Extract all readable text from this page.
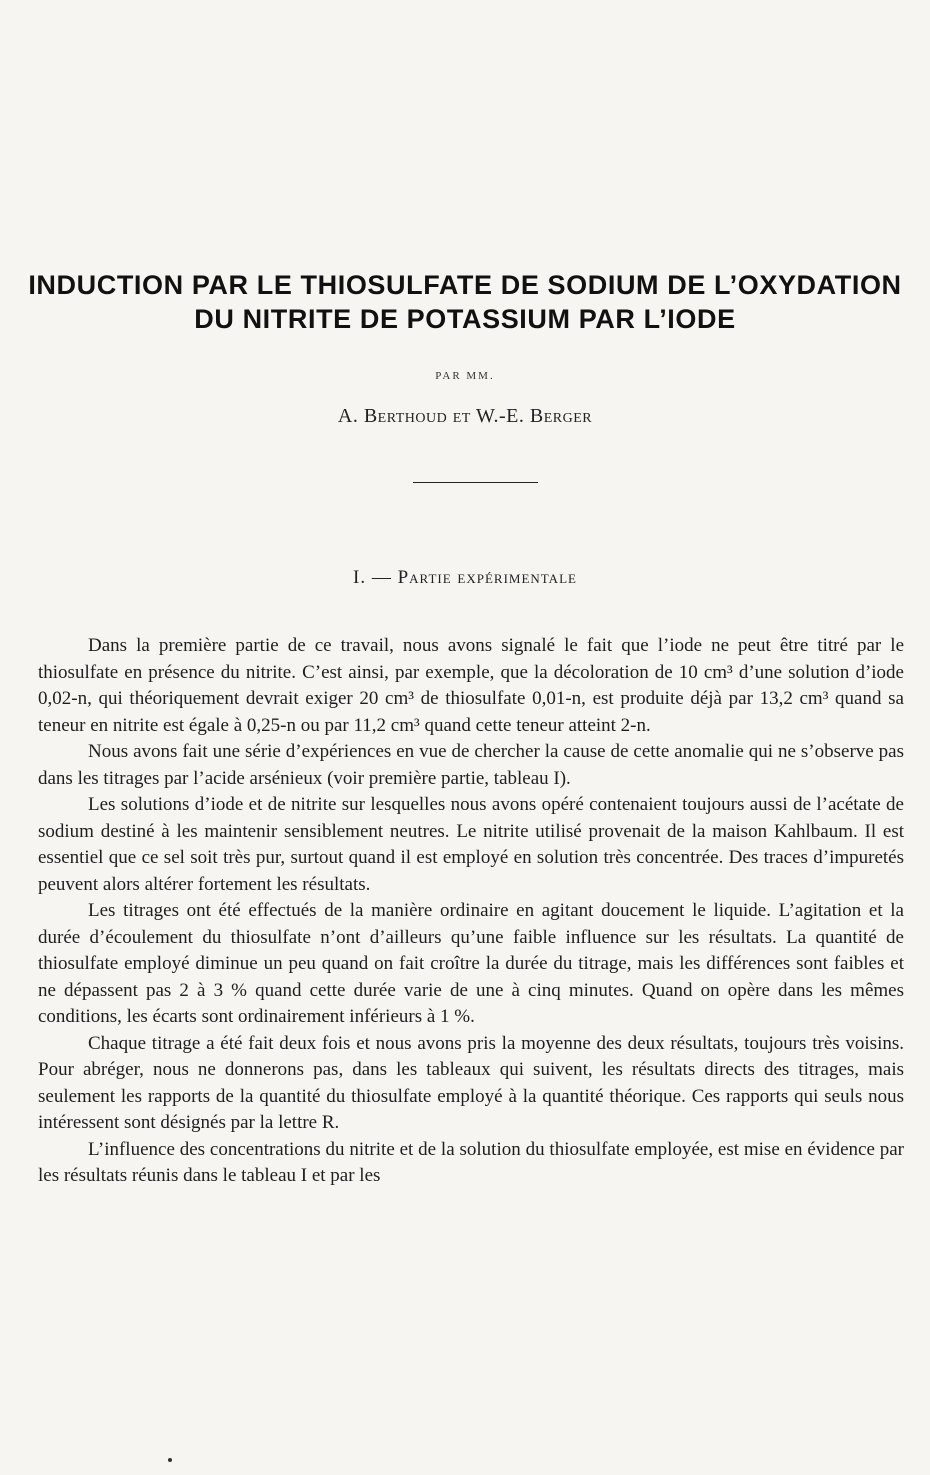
INDUCTION PAR LE THIOSULFATE DE SODIUM DE L’OXYDATION
DU NITRITE DE POTASSIUM PAR L’IODE
PAR MM.
A. Berthoud et W.-E. Berger
I. — Partie expérimentale

Dans la première partie de ce travail, nous avons signalé le fait que l’iode ne peut être titré par le thiosulfate en présence du nitrite. C’est ainsi, par exemple, que la décoloration de 10 cm³ d’une solution d’iode 0,02-n, qui théoriquement devrait exiger 20 cm³ de thiosulfate 0,01-n, est produite déjà par 13,2 cm³ quand sa teneur en nitrite est égale à 0,25-n ou par 11,2 cm³ quand cette teneur atteint 2-n.

Nous avons fait une série d’expériences en vue de chercher la cause de cette anomalie qui ne s’observe pas dans les titrages par l’acide arsénieux (voir première partie, tableau I).

Les solutions d’iode et de nitrite sur lesquelles nous avons opéré contenaient toujours aussi de l’acétate de sodium destiné à les maintenir sensiblement neutres. Le nitrite utilisé provenait de la maison Kahlbaum. Il est essentiel que ce sel soit très pur, surtout quand il est employé en solution très concentrée. Des traces d’impuretés peuvent alors altérer fortement les résultats.

Les titrages ont été effectués de la manière ordinaire en agitant doucement le liquide. L’agitation et la durée d’écoulement du thiosulfate n’ont d’ailleurs qu’une faible influence sur les résultats. La quantité de thiosulfate employé diminue un peu quand on fait croître la durée du titrage, mais les différences sont faibles et ne dépassent pas 2 à 3 % quand cette durée varie de une à cinq minutes. Quand on opère dans les mêmes conditions, les écarts sont ordinairement inférieurs à 1 %.

Chaque titrage a été fait deux fois et nous avons pris la moyenne des deux résultats, toujours très voisins. Pour abréger, nous ne donnerons pas, dans les tableaux qui suivent, les résultats directs des titrages, mais seulement les rapports de la quantité du thiosulfate employé à la quantité théorique. Ces rapports qui seuls nous intéressent sont désignés par la lettre R.

L’influence des concentrations du nitrite et de la solution du thiosulfate employée, est mise en évidence par les résultats réunis dans le tableau I et par les
